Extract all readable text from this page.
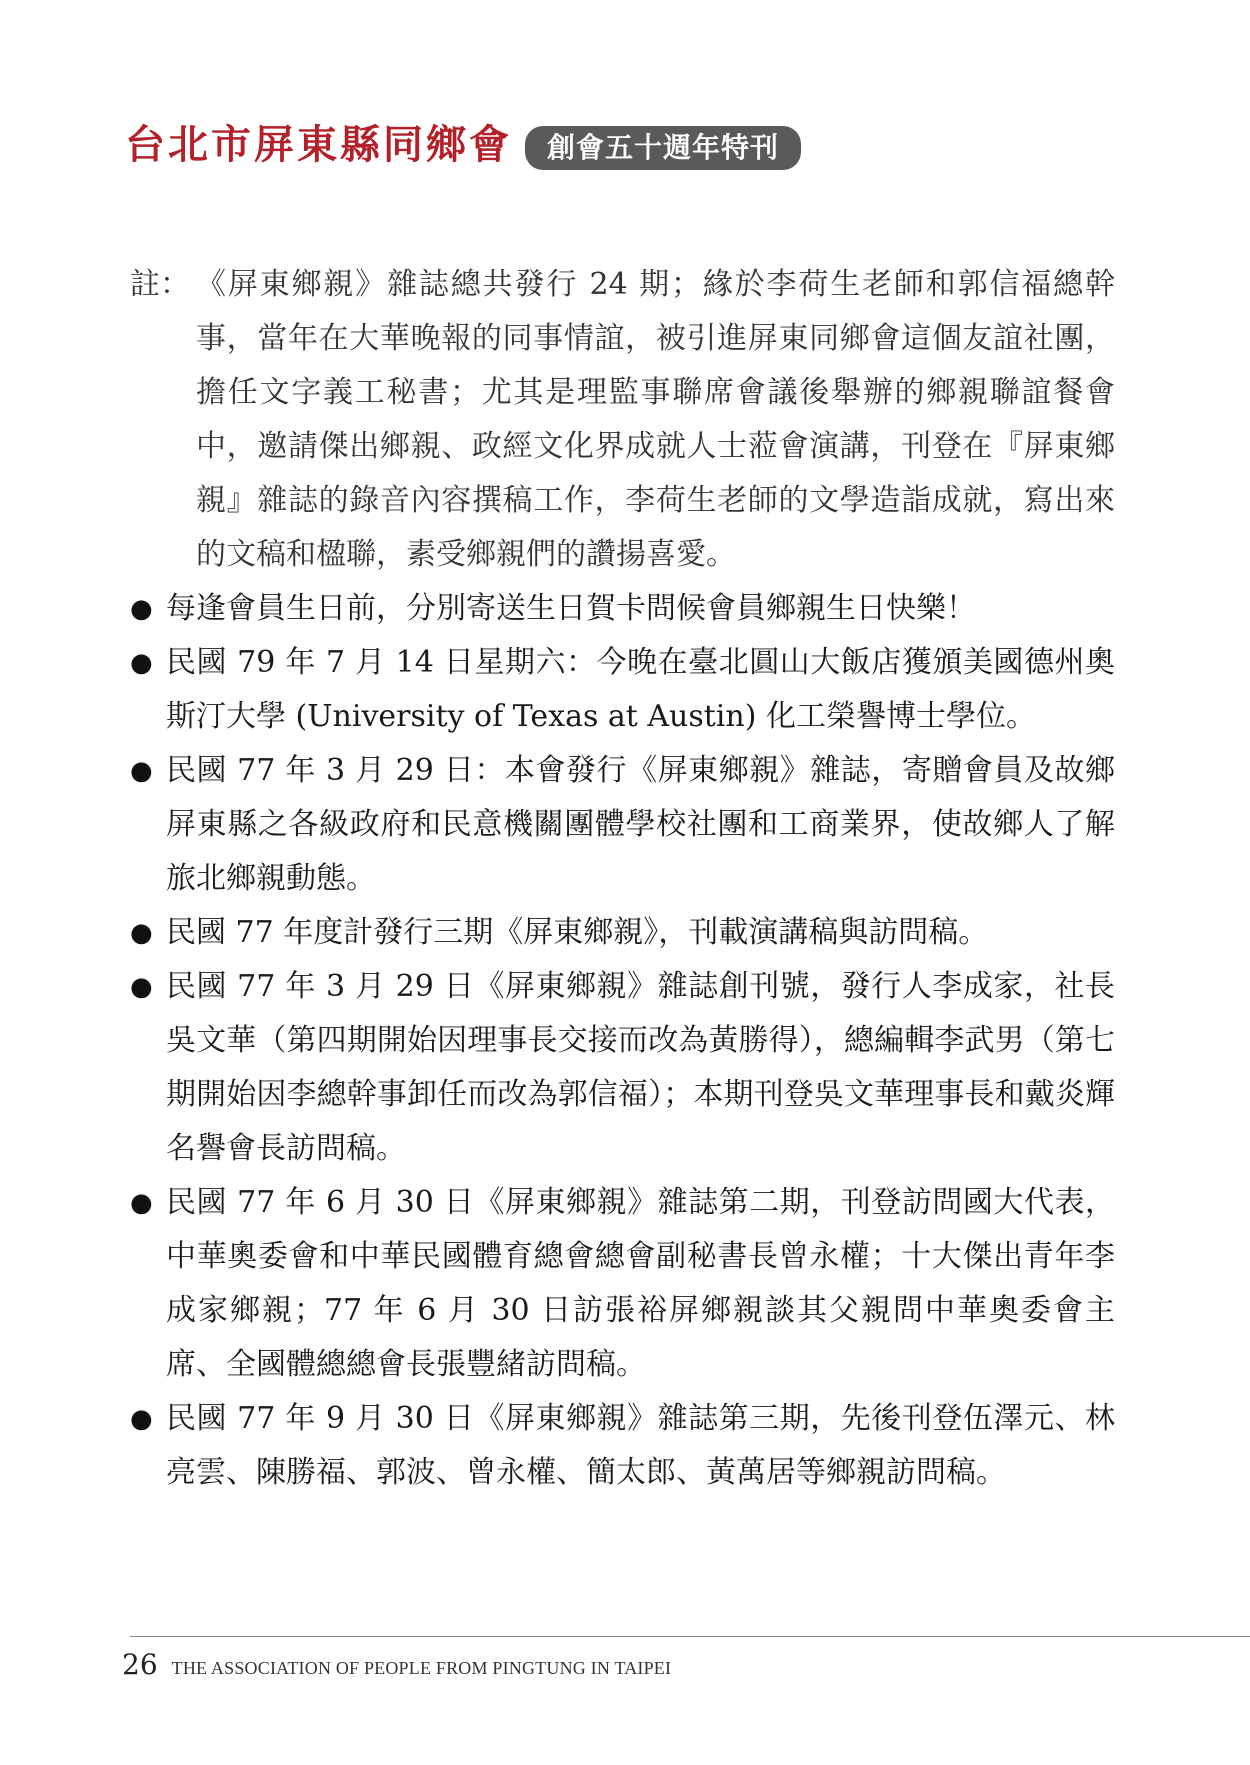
台北市屏東縣同鄉會	創會五十週年特刊
註： 《屏東鄉親》雜誌總共發行 24 期；緣於李荷生老師和郭信福總幹事，當年在大華晚報的同事情誼，被引進屏東同鄉會這個友誼社團，擔任文字義工秘書；尤其是理監事聯席會議後舉辦的鄉親聯誼餐會中，邀請傑出鄉親、政經文化界成就人士蒞會演講，刊登在『屏東鄉親』雜誌的錄音內容撰稿工作，李荷生老師的文學造詣成就，寫出來的文稿和楹聯，素受鄉親們的讚揚喜愛。
● 每逢會員生日前，分別寄送生日賀卡問候會員鄉親生日快樂！
● 民國 79 年 7 月 14 日星期六：今晚在臺北圓山大飯店獲頒美國德州奧斯汀大學 (University of Texas at Austin) 化工榮譽博士學位。
● 民國 77 年 3 月 29 日：本會發行《屏東鄉親》雜誌，寄贈會員及故鄉屏東縣之各級政府和民意機關團體學校社團和工商業界，使故鄉人了解旅北鄉親動態。
● 民國 77 年度計發行三期《屏東鄉親》，刊載演講稿與訪問稿。
● 民國 77 年 3 月 29 日《屏東鄉親》雜誌創刊號，發行人李成家，社長吳文華（第四期開始因理事長交接而改為黃勝得），總編輯李武男（第七期開始因李總幹事卸任而改為郭信福）；本期刊登吳文華理事長和戴炎輝名譽會長訪問稿。
● 民國 77 年 6 月 30 日《屏東鄉親》雜誌第二期，刊登訪問國大代表，中華奧委會和中華民國體育總會總會副秘書長曾永權；十大傑出青年李成家鄉親；77 年 6 月 30 日訪張裕屏鄉親談其父親問中華奧委會主席、全國體總總會長張豐緒訪問稿。
● 民國 77 年 9 月 30 日《屏東鄉親》雜誌第三期，先後刊登伍澤元、林亮雲、陳勝福、郭波、曾永權、簡太郎、黃萬居等鄉親訪問稿。
26 THE ASSOCIATION OF PEOPLE FROM PINGTUNG IN TAIPEI
